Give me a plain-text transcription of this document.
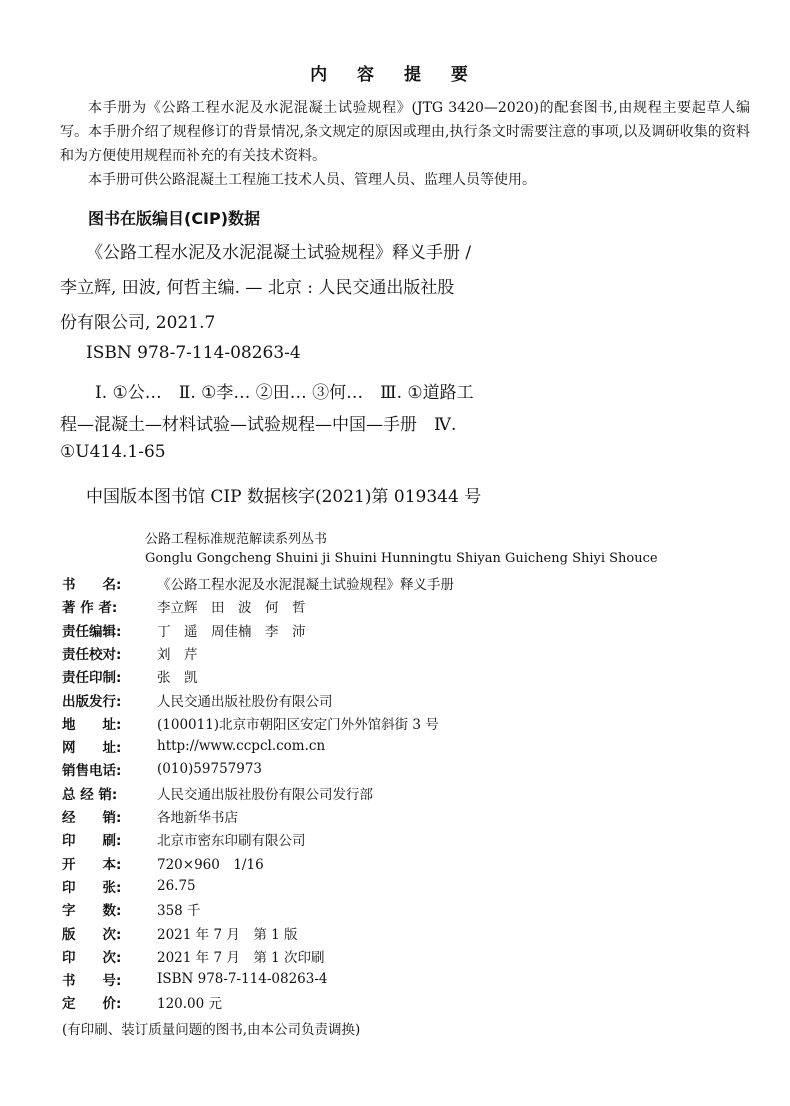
内 容 提 要
本手册为《公路工程水泥及水泥混凝土试验规程》(JTG 3420—2020)的配套图书,由规程主要起草人编写。本手册介绍了规程修订的背景情况,条文规定的原因或理由,执行条文时需要注意的事项,以及调研收集的资料和为方便使用规程而补充的有关技术资料。
本手册可供公路混凝土工程施工技术人员、管理人员、监理人员等使用。
图书在版编目(CIP)数据
《公路工程水泥及水泥混凝土试验规程》释义手册 /
李立辉, 田波, 何哲主编. — 北京 : 人民交通出版社股
份有限公司, 2021.7
ISBN 978-7-114-08263-4
Ⅰ. ①公…　Ⅱ. ①李… ②田… ③何…　Ⅲ. ①道路工
程—混凝土—材料试验—试验规程—中国—手册　Ⅳ.
①U414.1-65
中国版本图书馆 CIP 数据核字(2021)第 019344 号
公路工程标准规范解读系列丛书
Gonglu Gongcheng Shuini ji Shuini Hunningtu Shiyan Guicheng Shiyi Shouce
书　　名:	《公路工程水泥及水泥混凝土试验规程》释义手册
著 作 者:	李立辉　田　波　何　哲
责任编辑:	丁　遥　周佳楠　李　沛
责任校对:	刘　芹
责任印制:	张　凯
出版发行:	人民交通出版社股份有限公司
地　　址:	(100011)北京市朝阳区安定门外外馆斜街 3 号
网　　址:	http://www.ccpcl.com.cn
销售电话:	(010)59757973
总 经 销:	人民交通出版社股份有限公司发行部
经　　销:	各地新华书店
印　　刷:	北京市密东印刷有限公司
开　　本:	720×960　1/16
印　　张:	26.75
字　　数:	358 千
版　　次:	2021 年 7 月　第 1 版
印　　次:	2021 年 7 月　第 1 次印刷
书　　号:	ISBN 978-7-114-08263-4
定　　价:	120.00 元
(有印刷、装订质量问题的图书,由本公司负责调换)
